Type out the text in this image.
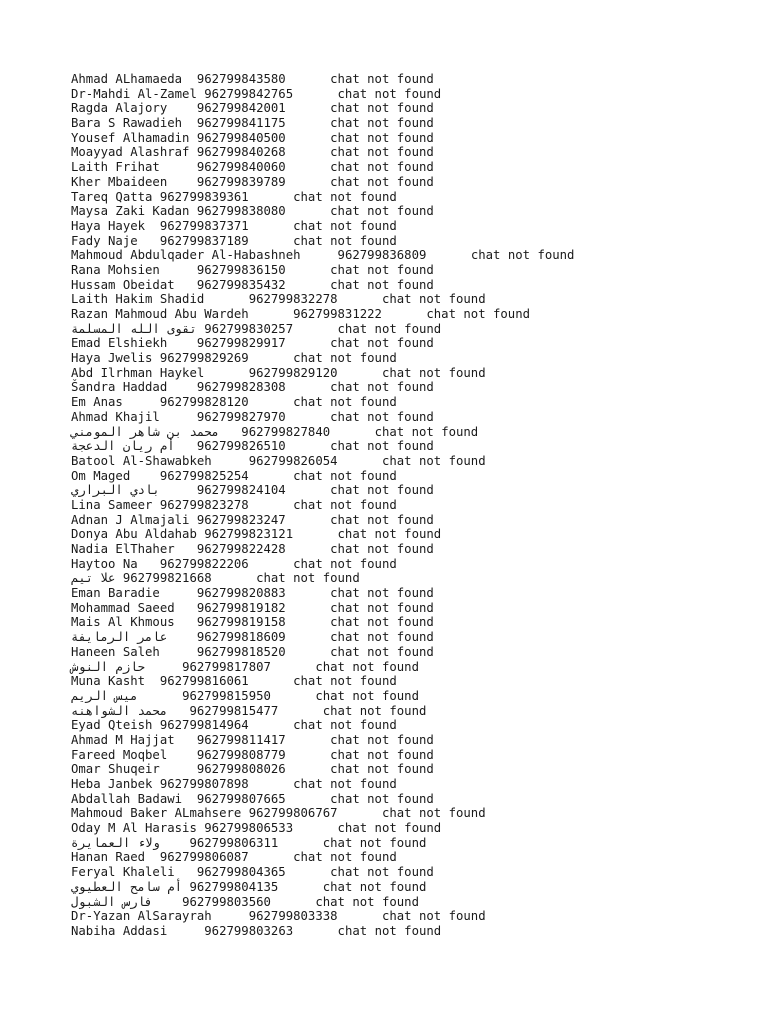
Ahmad ALhamaeda 962799843580	chat not found
Dr-Mahdi Al-Zamel 962799842765	chat not found
Ragda Alajory 962799842001	chat not found
Bara S Rawadieh 962799841175	chat not found
Yousef Alhamadin 962799840500	chat not found
Moayyad Alashraf 962799840268	chat not found
Laith Frihat	962799840060	chat not found
Kher Mbaideen 962799839789	chat not found
Tareq Qatta 962799839361	chat not found
Maysa Zaki Kadan 962799838080	chat not found
Haya Hayek 962799837371	chat not found
Fady Naje 962799837189	chat not found
Mahmoud Abdulqader Al-Habashneh	962799836809	chat not found
Rana Mohsien	962799836150	chat not found
Hussam Obeidat 962799835432	chat not found
Laith Hakim Shadid	962799832278	chat not found
Razan Mahmoud Abu Wardeh	962799831222	chat not found
تقوى الله المسلمة 962799830257	chat not found
Emad Elshiekh 962799829917	chat not found
Haya Jwelis 962799829269	chat not found
Abd Ilrhman Haykel	962799829120	chat not found
Šandra Haddad 962799828308	chat not found
Em Anas	962799828120	chat not found
Ahmad Khajil	962799827970	chat not found
محمد بن شاهر المومني 962799827840	chat not found
أم ريان الدعجة 962799826510	chat not found
Batool Al-Shawabkeh	962799826054	chat not found
Om Maged 962799825254	chat not found
بادي البراري	962799824104	chat not found
Lina Sameer 962799823278	chat not found
Adnan J Almajali 962799823247	chat not found
Donya Abu Aldahab 962799823121	chat not found
Nadia ElThaher 962799822428	chat not found
Haytoo Na 962799822206	chat not found
علا تيم 962799821668	chat not found
Eman Baradie	962799820883	chat not found
Mohammad Saeed 962799819182	chat not found
Mais Al Khmous 962799819158	chat not found
عامر الرمايفة 962799818609	chat not found
Haneen Saleh	962799818520	chat not found
حازم النوش	962799817807	chat not found
Muna Kasht 962799816061	chat not found
ميس الريم	962799815950	chat not found
محمد الشواهنه 962799815477	chat not found
Eyad Qteish 962799814964	chat not found
Ahmad M Hajjat 962799811417	chat not found
Fareed Moqbel 962799808779	chat not found
Omar Shuqeir	962799808026	chat not found
Heba Janbek 962799807898	chat not found
Abdallah Badawi 962799807665	chat not found
Mahmoud Baker ALmahsere 962799806767	chat not found
Oday M Al Harasis 962799806533	chat not found
ولاء العمايرة 962799806311	chat not found
Hanan Raed 962799806087	chat not found
Feryal Khaleli 962799804365	chat not found
أم سامح العطيوي 962799804135	chat not found
فارس الشبول 962799803560	chat not found
Dr-Yazan AlSarayrah	962799803338	chat not found
Nabiha Addasi	962799803263	chat not found
